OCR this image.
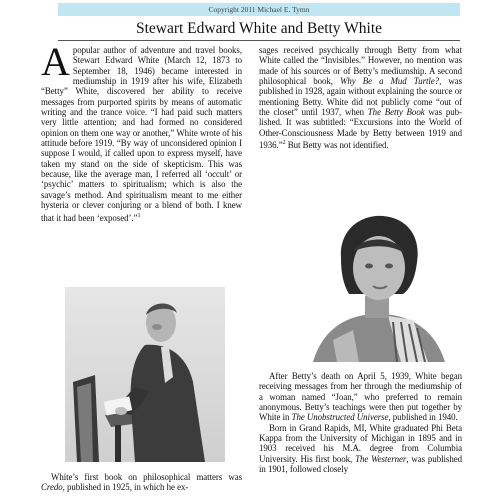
Copyright 2011 Michael E. Tymn
Stewart Edward White and Betty White

A popular author of adventure and travel books, Stewart Edward White (March 12, 1873 to September 18, 1946) became interested in mediumship in 1919 after his wife, Elizabeth “Betty” White, discovered her ability to receive messages from purported spirits by means of automatic writing and the trance voice. “I had paid such matters very little attention; and had formed no considered opinion on them one way or another,” White wrote of his attitude before 1919. “By way of unconsidered opinion I suppose I would, if called upon to express myself, have taken my stand on the side of skepticism. This was because, like the average man, I referred all ‘occult’ or ‘psychic’ matters to spiritualism; which is also the savage’s method. And spiritualism meant to me either hysteria or clever conjuring or a blend of both. I knew that it had been ‘exposed’.”$^1$

White’s first book on philosophical matters was Credo, published in 1925, in which he ex-

sages received psychically through Betty from what White called the “Invisibles.” However, no mention was made of his sources or of Betty’s mediumship. A second philosophical book, Why Be a Mud Turtle?, was published in 1928, again without explaining the source or mentioning Betty. White did not publicly come “out of the closet” until 1937, when The Betty Book was published. It was subtitled: “Excursions into the World of Other-Consciousness Made by Betty between 1919 and 1936.”$^2$ But Betty was not identified.

After Betty’s death on April 5, 1939, White began receiving messages from her through the mediumship of a woman named “Joan,” who preferred to remain anonymous. Betty’s teachings were then put together by White in The Unobstructed Universe, published in 1940.

Born in Grand Rapids, MI, White graduated Phi Beta Kappa from the University of Michigan in 1895 and in 1903 received his M.A. degree from Columbia University. His first book, The Westerner, was published in 1901, followed closely
